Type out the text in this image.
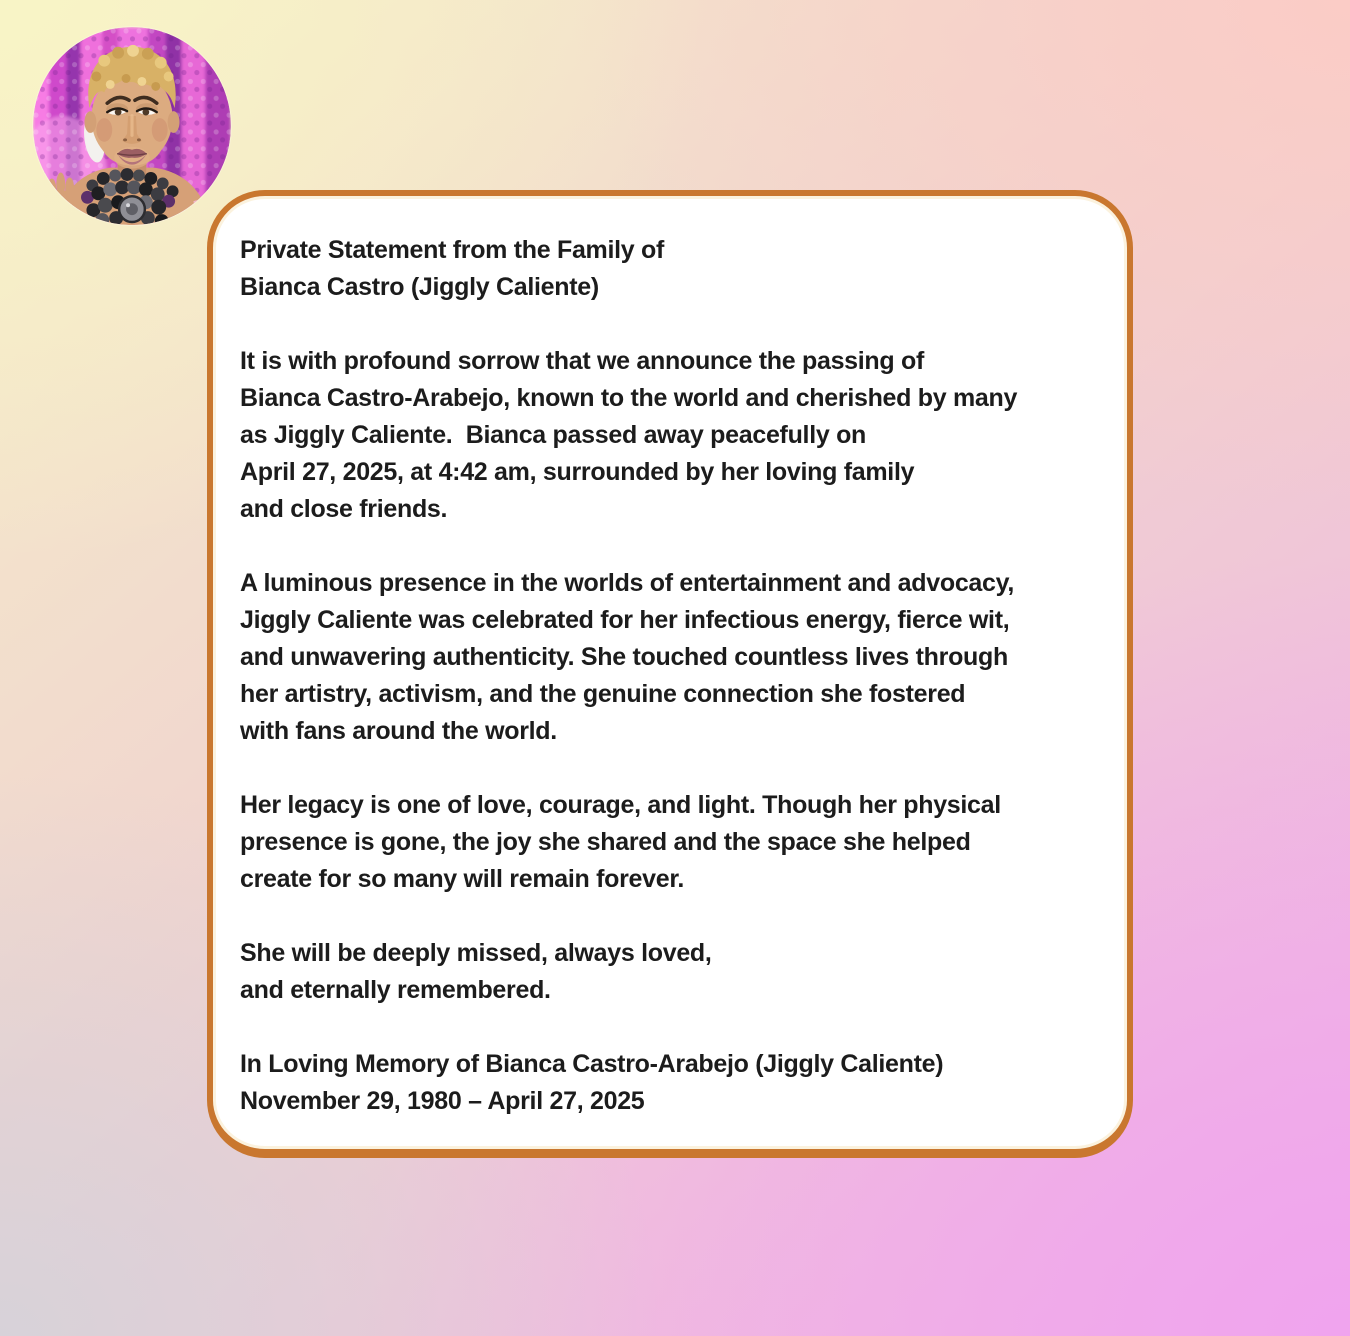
Private Statement from the Family of
Bianca Castro (Jiggly Caliente)

It is with profound sorrow that we announce the passing of
Bianca Castro-Arabejo, known to the world and cherished by many
as Jiggly Caliente.  Bianca passed away peacefully on
April 27, 2025, at 4:42 am, surrounded by her loving family
and close friends.

A luminous presence in the worlds of entertainment and advocacy,
Jiggly Caliente was celebrated for her infectious energy, fierce wit,
and unwavering authenticity. She touched countless lives through
her artistry, activism, and the genuine connection she fostered
with fans around the world.

Her legacy is one of love, courage, and light. Though her physical
presence is gone, the joy she shared and the space she helped
create for so many will remain forever.

She will be deeply missed, always loved,
and eternally remembered.

In Loving Memory of Bianca Castro-Arabejo (Jiggly Caliente)
November 29, 1980 – April 27, 2025
